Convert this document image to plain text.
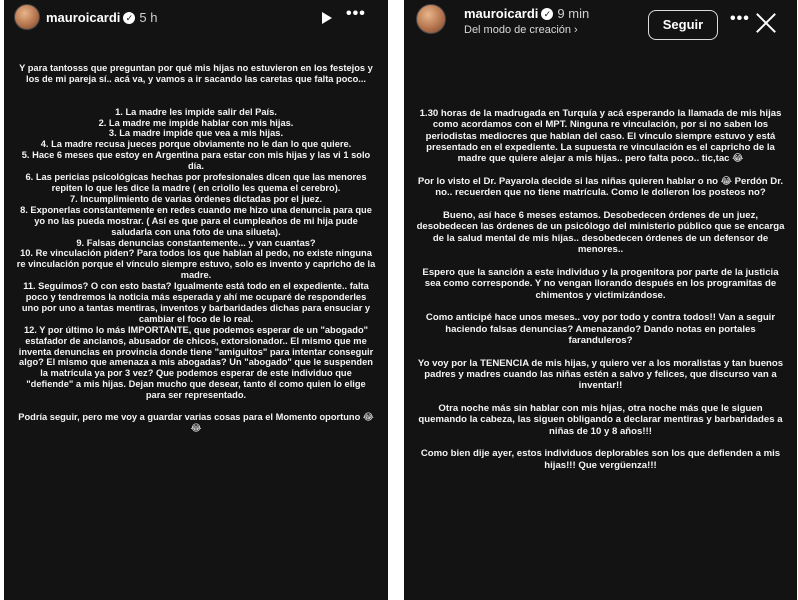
mauroicardi ✓ 5 h	•••
Y para tantosss que preguntan por qué mis hijas no estuvieron en los festejos y los de mi pareja sí.. acá va, y vamos a ir sacando las caretas que falta poco...

1. La madre les impide salir del País.
2. La madre me impide hablar con mis hijas.
3. La madre impide que vea a mis hijas.
4. La madre recusa jueces porque obviamente no le dan lo que quiere.
5. Hace 6 meses que estoy en Argentina para estar con mis hijas y las vi 1 solo día.
6. Las pericias psicológicas hechas por profesionales dicen que las menores repiten lo que les dice la madre ( en criollo les quema el cerebro).
7. Incumplimiento de varias órdenes dictadas por el juez.
8. Exponerlas constantemente en redes cuando me hizo una denuncia para que yo no las pueda mostrar. ( Así es que para el cumpleaños de mi hija pude saludarla con una foto de una silueta).
9. Falsas denuncias constantemente... y van cuantas?
10. Re vinculación piden? Para todos los que hablan al pedo, no existe ninguna re vinculación porque el vínculo siempre estuvo, solo es invento y capricho de la madre.
11. Seguimos? O con esto basta? Igualmente está todo en el expediente.. falta poco y tendremos la noticia más esperada y ahí me ocuparé de responderles uno por uno a tantas mentiras, inventos y barbaridades dichas para ensuciar y cambiar el foco de lo real.
12. Y por último lo más IMPORTANTE, que podemos esperar de un "abogado" estafador de ancianos, abusador de chicos, extorsionador.. El mismo que me inventa denuncias en provincia donde tiene "amiguitos" para intentar conseguir algo? El mismo que amenaza a mis abogadas? Un "abogado" que le suspenden la matrícula ya por 3 vez? Que podemos esperar de este individuo que "defiende" a mis hijas. Dejan mucho que desear, tanto él como quien lo elige para ser representado.

Podría seguir, pero me voy a guardar varias cosas para el Momento oportuno 😂😂
mauroicardi ✓ 9 min
Del modo de creación ›	Seguir	•••
1.30 horas de la madrugada en Turquía y acá esperando la llamada de mis hijas como acordamos con el MPT. Ninguna re vinculación, por si no saben los periodistas mediocres que hablan del caso. El vínculo siempre estuvo y está presentado en el expediente. La supuesta re vinculación es el capricho de la madre que quiere alejar a mis hijas.. pero falta poco.. tic,tac 😂

Por lo visto el Dr. Payarola decide si las niñas quieren hablar o no 😂 Perdón Dr. no.. recuerden que no tiene matrícula. Como le dolieron los posteos no?

Bueno, así hace 6 meses estamos. Desobedecen órdenes de un juez, desobedecen las órdenes de un psicólogo del ministerio público que se encarga de la salud mental de mis hijas.. desobedecen órdenes de un defensor de menores..

Espero que la sanción a este individuo y la progenitora por parte de la justicia sea como corresponde. Y no vengan llorando después en los programitas de chimentos y victimizándose.

Como anticipé hace unos meses.. voy por todo y contra todos!! Van a seguir haciendo falsas denuncias? Amenazando? Dando notas en portales faranduleros?

Yo voy por la TENENCIA de mis hijas, y quiero ver a los moralistas y tan buenos padres y madres cuando las niñas estén a salvo y felices, que discurso van a inventar!!

Otra noche más sin hablar con mis hijas, otra noche más que le siguen quemando la cabeza, las siguen obligando a declarar mentiras y barbaridades a niñas de 10 y 8 años!!!

Como bien dije ayer, estos individuos deplorables son los que defienden a mis hijas!!! Que vergüenza!!!
